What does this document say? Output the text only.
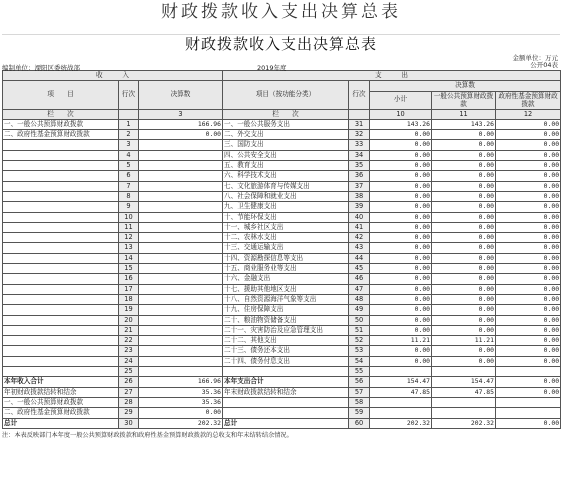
财政拨款收入支出决算总表
财政拨款收入支出决算总表
金额单位：万元
公开04表
编制单位：溧阳区委统战部	2019年度
收　　　入			支　　　出				
项　　目	行次	决算数	项目（按功能分类）	行次	决算数		
					小计	一般公共预算财政拨款	政府性基金预算财政拨款
栏　　次		3	栏　　次		10	11	12
一、一般公共预算财政拨款	1	166.96	一、一般公共服务支出	31	143.26	143.26	0.00
二、政府性基金预算财政拨款	2	0.00	二、外交支出	32	0.00	0.00	0.00
	3		三、国防支出	33	0.00	0.00	0.00
	4		四、公共安全支出	34	0.00	0.00	0.00
	5		五、教育支出	35	0.00	0.00	0.00
	6		六、科学技术支出	36	0.00	0.00	0.00
	7		七、文化旅游体育与传媒支出	37	0.00	0.00	0.00
	8		八、社会保障和就业支出	38	0.00	0.00	0.00
	9		九、卫生健康支出	39	0.00	0.00	0.00
	10		十、节能环保支出	40	0.00	0.00	0.00
	11		十一、城乡社区支出	41	0.00	0.00	0.00
	12		十二、农林水支出	42	0.00	0.00	0.00
	13		十三、交通运输支出	43	0.00	0.00	0.00
	14		十四、资源勘探信息等支出	44	0.00	0.00	0.00
	15		十五、商业服务业等支出	45	0.00	0.00	0.00
	16		十六、金融支出	46	0.00	0.00	0.00
	17		十七、援助其他地区支出	47	0.00	0.00	0.00
	18		十八、自然资源海洋气象等支出	48	0.00	0.00	0.00
	19		十九、住房保障支出	49	0.00	0.00	0.00
	20		二十、粮油物资储备支出	50	0.00	0.00	0.00
	21		二十一、灾害防治及应急管理支出	51	0.00	0.00	0.00
	22		二十二、其他支出	52	11.21	11.21	0.00
	23		二十三、债务还本支出	53	0.00	0.00	0.00
	24		二十四、债务付息支出	54	0.00	0.00	0.00
	25			55			
本年收入合计	26	166.96	本年支出合计	56	154.47	154.47	0.00
年初财政拨款结转和结余	27	35.36	年末财政拨款结转和结余	57	47.85	47.85	0.00
一、一般公共预算财政拨款	28	35.36		58			
二、政府性基金预算财政拨款	29	0.00		59			
总计	30	202.32	总计	60	202.32	202.32	0.00
注：本表反映部门本年度一般公共预算财政拨款和政府性基金预算财政拨款的总收支和年末结转结余情况。
